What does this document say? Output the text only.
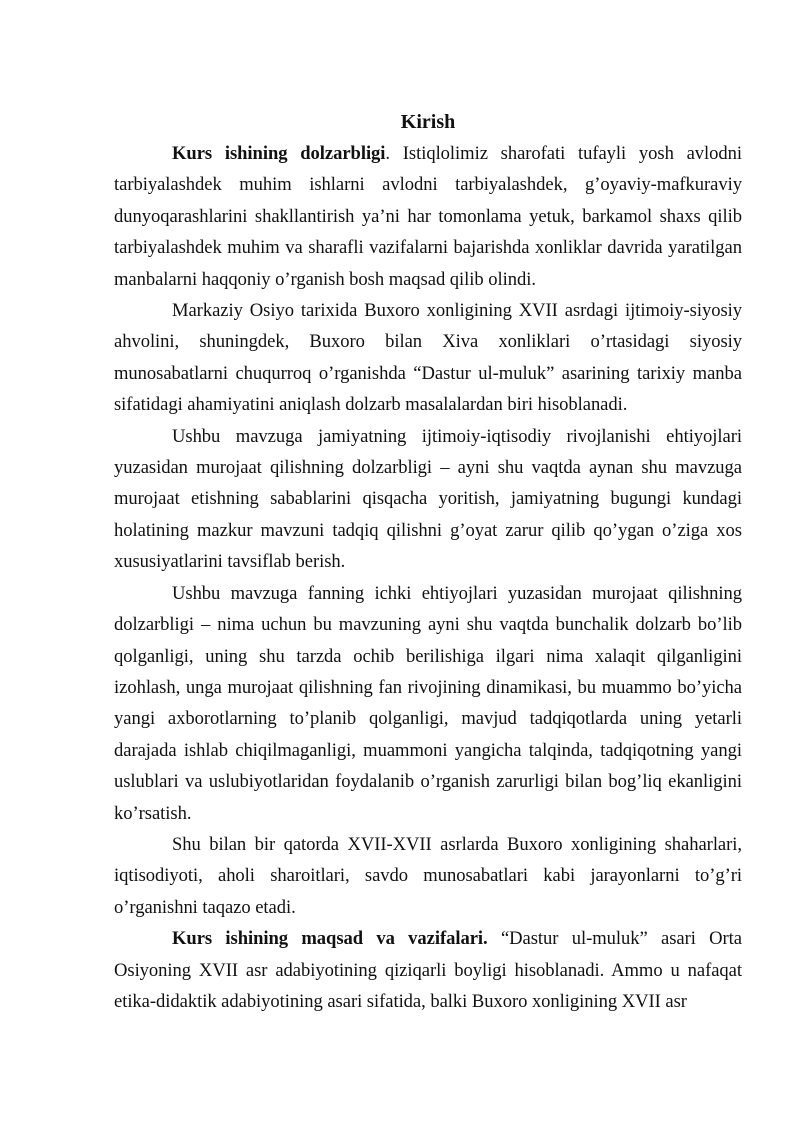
Kirish

Kurs ishining dolzarbligi. Istiqlolimiz sharofati tufayli yosh avlodni tarbiyalashdek muhim ishlarni avlodni tarbiyalashdek, g’oyaviy-mafkuraviy dunyoqarashlarini shakllantirish ya’ni har tomonlama yetuk, barkamol shaxs qilib tarbiyalashdek muhim va sharafli vazifalarni bajarishda xonliklar davrida yaratilgan manbalarni haqqoniy o’rganish bosh maqsad qilib olindi.

Markaziy Osiyo tarixida Buxoro xonligining XVII asrdagi ijtimoiy-siyosiy ahvolini, shuningdek, Buxoro bilan Xiva xonliklari o’rtasidagi siyosiy munosabatlarni chuqurroq o’rganishda “Dastur ul-muluk” asarining tarixiy manba sifatidagi ahamiyatini aniqlash dolzarb masalalardan biri hisoblanadi.

Ushbu mavzuga jamiyatning ijtimoiy-iqtisodiy rivojlanishi ehtiyojlari yuzasidan murojaat qilishning dolzarbligi – ayni shu vaqtda aynan shu mavzuga murojaat etishning sabablarini qisqacha yoritish, jamiyatning bugungi kundagi holatining mazkur mavzuni tadqiq qilishni g’oyat zarur qilib qo’ygan o’ziga xos xususiyatlarini tavsiflab berish.

Ushbu mavzuga fanning ichki ehtiyojlari yuzasidan murojaat qilishning dolzarbligi – nima uchun bu mavzuning ayni shu vaqtda bunchalik dolzarb bo’lib qolganligi, uning shu tarzda ochib berilishiga ilgari nima xalaqit qilganligini izohlash, unga murojaat qilishning fan rivojining dinamikasi, bu muammo bo’yicha yangi axborotlarning to’planib qolganligi, mavjud tadqiqotlarda uning yetarli darajada ishlab chiqilmaganligi, muammoni yangicha talqinda, tadqiqotning yangi uslublari va uslubiyotlaridan foydalanib o’rganish zarurligi bilan bog’liq ekanligini ko’rsatish.

Shu bilan bir qatorda XVII-XVII asrlarda Buxoro xonligining shaharlari, iqtisodiyoti, aholi sharoitlari, savdo munosabatlari kabi jarayonlarni to’g’ri o’rganishni taqazo etadi.

Kurs ishining maqsad va vazifalari. “Dastur ul-muluk” asari Orta Osiyoning XVII asr adabiyotining qiziqarli boyligi hisoblanadi. Ammo u nafaqat etika-didaktik adabiyotining asari sifatida, balki Buxoro xonligining XVII asr
